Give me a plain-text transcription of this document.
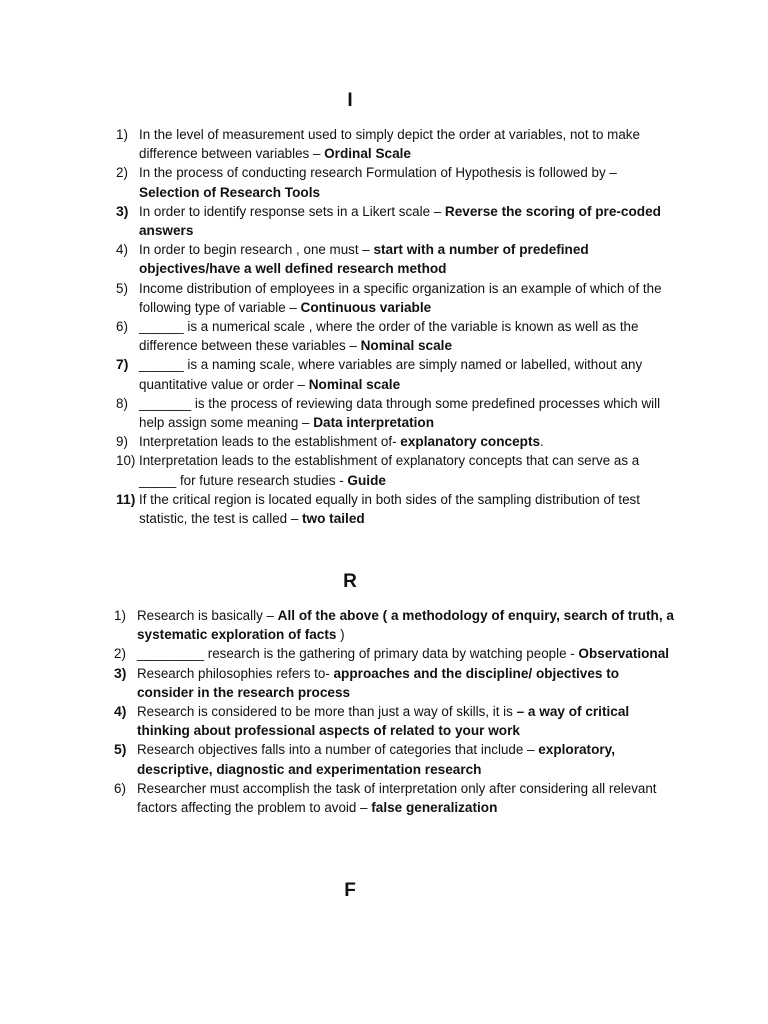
I
1) In the level of measurement used to simply depict the order at variables, not to make difference between variables – Ordinal Scale
2) In the process of conducting research Formulation of Hypothesis is followed by – Selection of Research Tools
3) In order to identify response sets in a Likert scale – Reverse the scoring of pre-coded answers
4) In order to begin research , one must – start with a number of predefined objectives/have a well defined research method
5) Income distribution of employees in a specific organization is an example of which of the following type of variable – Continuous variable
6) ______ is a numerical scale , where the order of the variable is known as well as the difference between these variables – Nominal scale
7) ______ is a naming scale, where variables are simply named or labelled, without any quantitative value or order – Nominal scale
8) _______ is the process of reviewing data through some predefined processes which will help assign some meaning – Data interpretation
9) Interpretation leads to the establishment of- explanatory concepts.
10) Interpretation leads to the establishment of explanatory concepts that can serve as a _____ for future research studies - Guide
11) If the critical region is located equally in both sides of the sampling distribution of test statistic, the test is called – two tailed
R
1) Research is basically – All of the above ( a methodology of enquiry, search of truth, a systematic exploration of facts )
2) _________ research is the gathering of primary data by watching people - Observational
3) Research philosophies refers to- approaches and the discipline/ objectives to consider in the research process
4) Research is considered to be more than just a way of skills, it is – a way of critical thinking about professional aspects of related to your work
5) Research objectives falls into a number of categories that include – exploratory, descriptive, diagnostic and experimentation research
6) Researcher must accomplish the task of interpretation only after considering all relevant factors affecting the problem to avoid – false generalization
F
